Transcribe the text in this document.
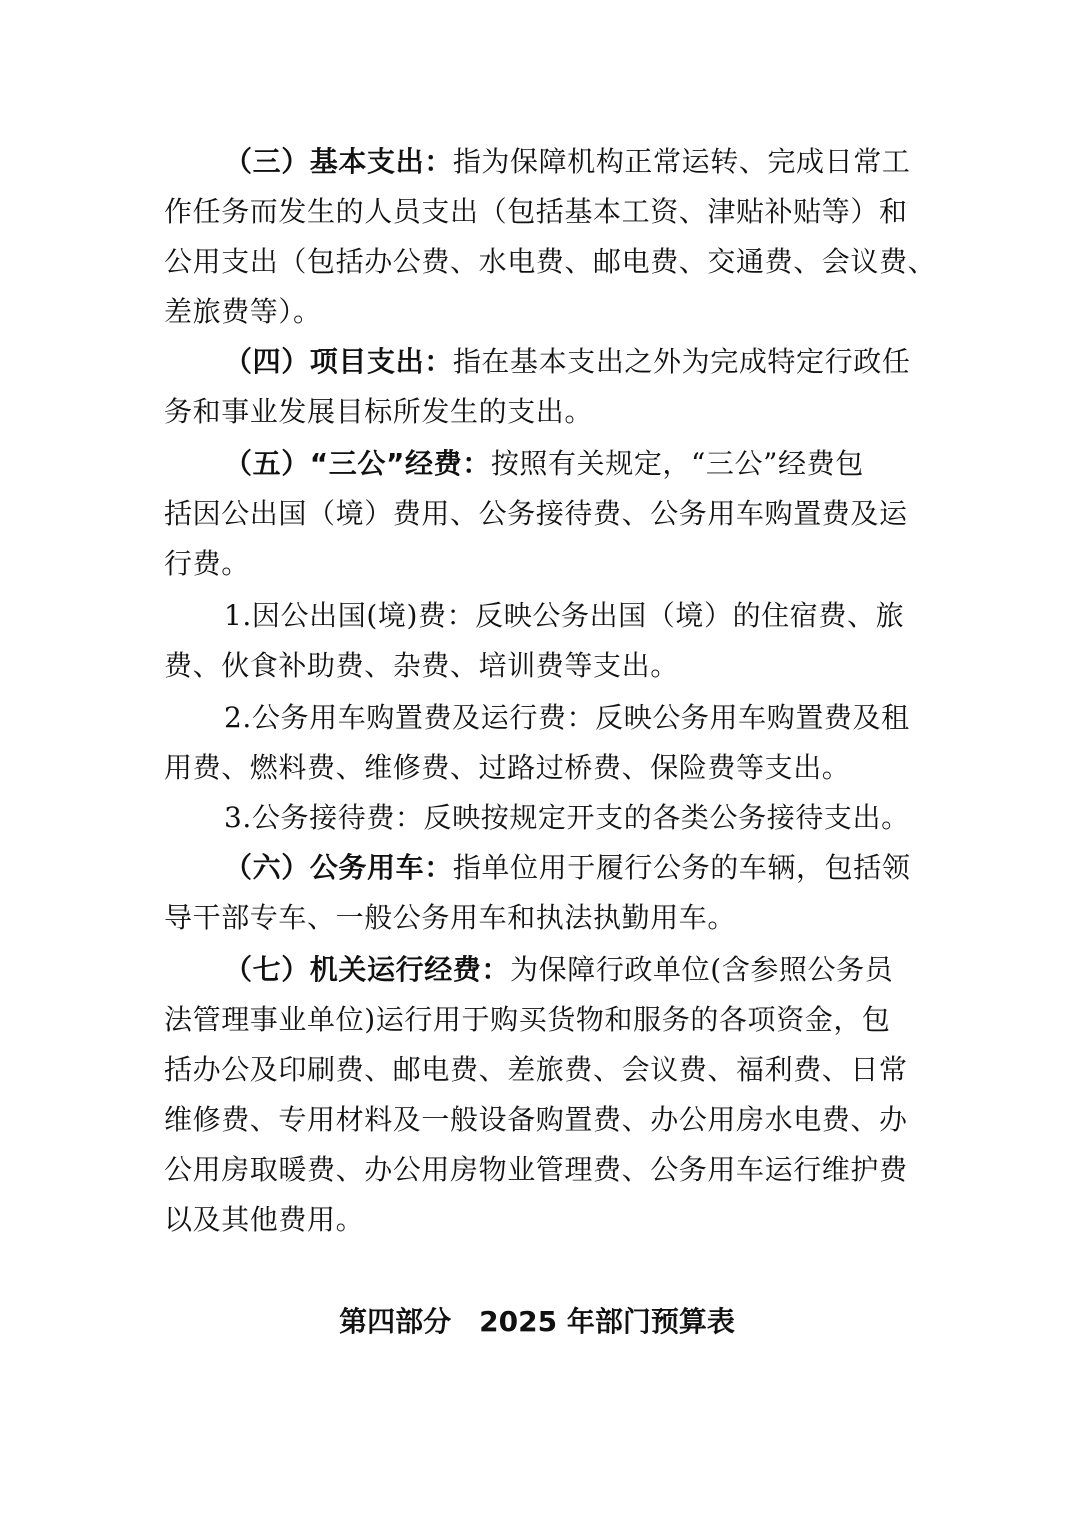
（三）基本支出：指为保障机构正常运转、完成日常工
作任务而发生的人员支出（包括基本工资、津贴补贴等）和
公用支出（包括办公费、水电费、邮电费、交通费、会议费、
差旅费等）。
（四）项目支出：指在基本支出之外为完成特定行政任
务和事业发展目标所发生的支出。
（五）“三公”经费：按照有关规定，“三公”经费包
括因公出国（境）费用、公务接待费、公务用车购置费及运
行费。
1.因公出国(境)费：反映公务出国（境）的住宿费、旅
费、伙食补助费、杂费、培训费等支出。
2.公务用车购置费及运行费：反映公务用车购置费及租
用费、燃料费、维修费、过路过桥费、保险费等支出。
3.公务接待费：反映按规定开支的各类公务接待支出。
（六）公务用车：指单位用于履行公务的车辆，包括领
导干部专车、一般公务用车和执法执勤用车。
（七）机关运行经费：为保障行政单位(含参照公务员
法管理事业单位)运行用于购买货物和服务的各项资金，包
括办公及印刷费、邮电费、差旅费、会议费、福利费、日常
维修费、专用材料及一般设备购置费、办公用房水电费、办
公用房取暖费、办公用房物业管理费、公务用车运行维护费
以及其他费用。
第四部分 2025 年部门预算表
